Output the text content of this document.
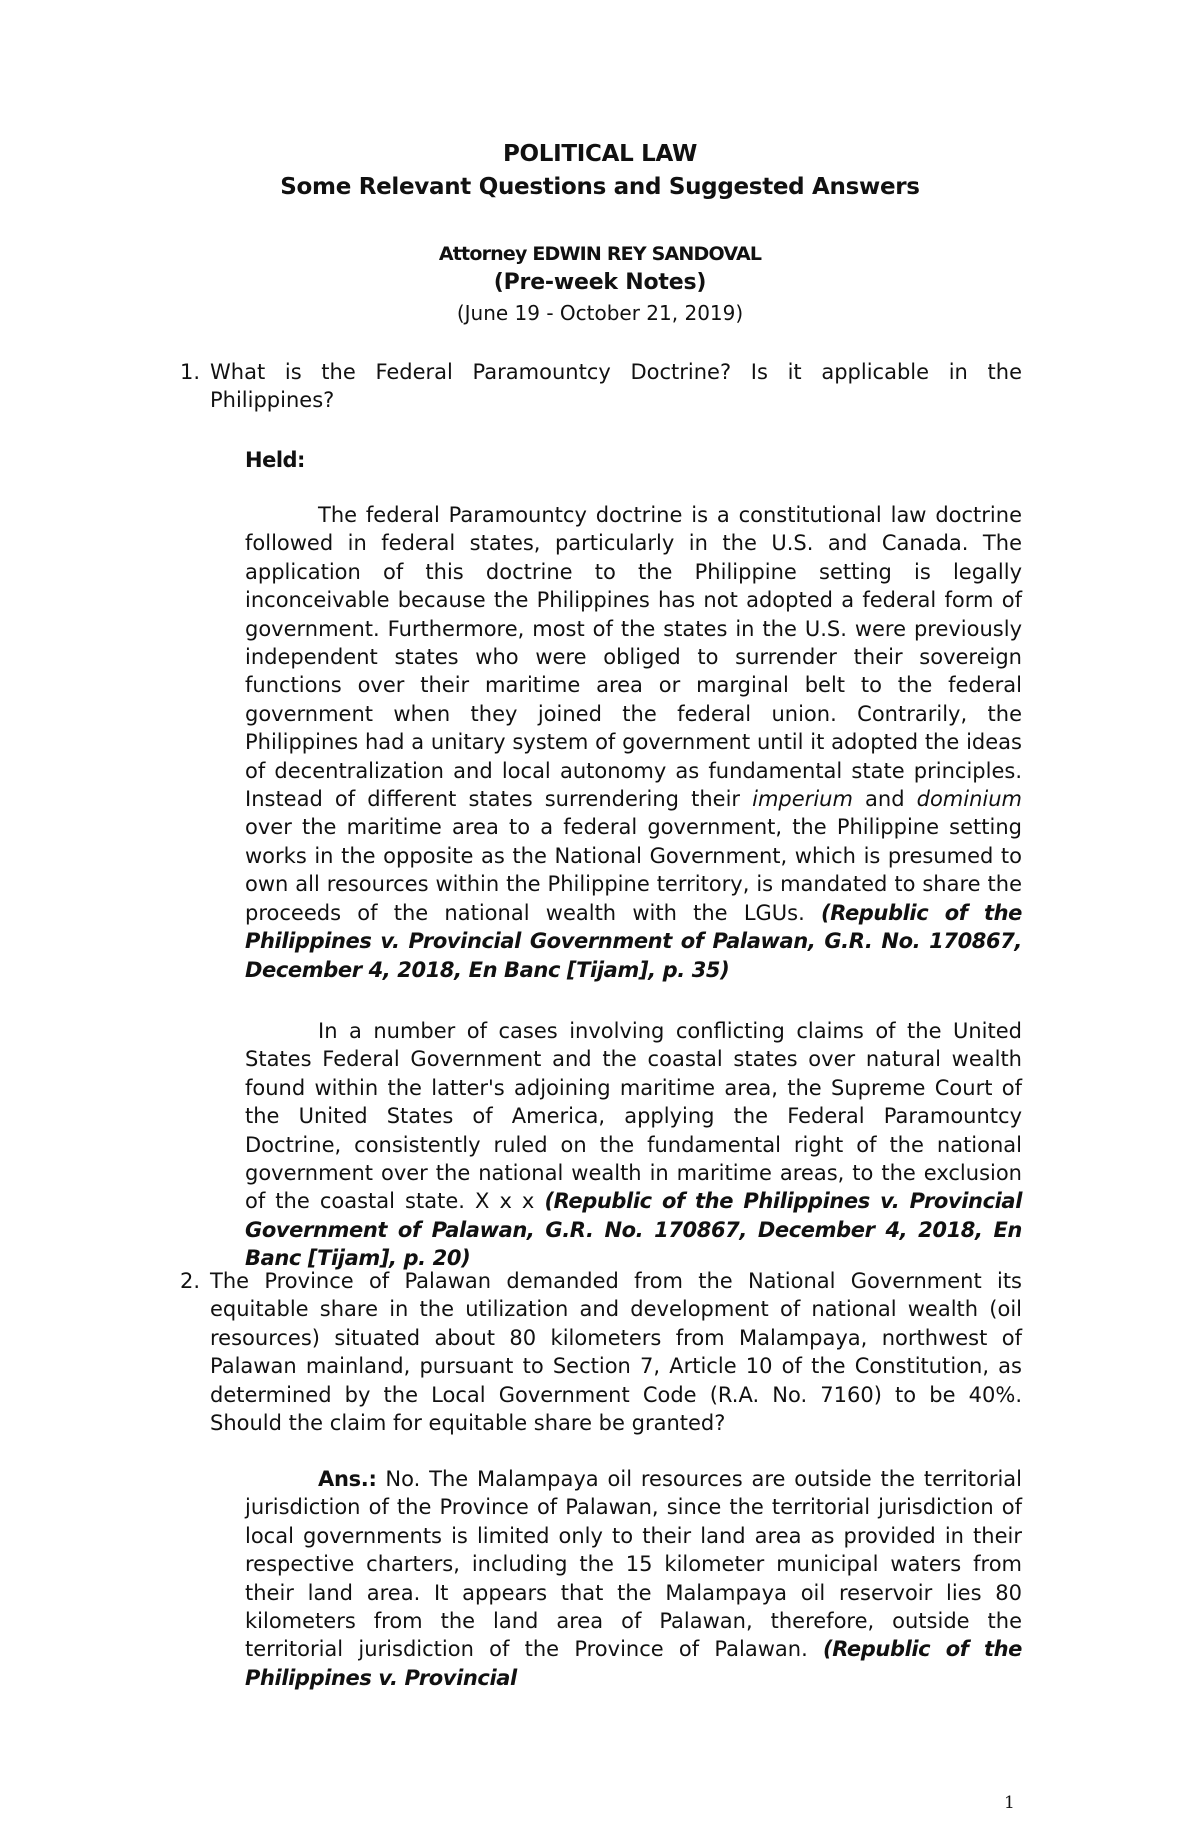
POLITICAL LAW
Some Relevant Questions and Suggested Answers
Attorney EDWIN REY SANDOVAL
(Pre-week Notes)
(June 19 - October 21, 2019)
1. What is the Federal Paramountcy Doctrine? Is it applicable in the Philippines?

Held:

The federal Paramountcy doctrine is a constitutional law doctrine followed in federal states, particularly in the U.S. and Canada. The application of this doctrine to the Philippine setting is legally inconceivable because the Philippines has not adopted a federal form of government. Furthermore, most of the states in the U.S. were previously independent states who were obliged to surrender their sovereign functions over their maritime area or marginal belt to the federal government when they joined the federal union. Contrarily, the Philippines had a unitary system of government until it adopted the ideas of decentralization and local autonomy as fundamental state principles. Instead of different states surrendering their imperium and dominium over the maritime area to a federal government, the Philippine setting works in the opposite as the National Government, which is presumed to own all resources within the Philippine territory, is mandated to share the proceeds of the national wealth with the LGUs. (Republic of the Philippines v. Provincial Government of Palawan, G.R. No. 170867, December 4, 2018, En Banc [Tijam], p. 35)

In a number of cases involving conflicting claims of the United States Federal Government and the coastal states over natural wealth found within the latter's adjoining maritime area, the Supreme Court of the United States of America, applying the Federal Paramountcy Doctrine, consistently ruled on the fundamental right of the national government over the national wealth in maritime areas, to the exclusion of the coastal state. X x x (Republic of the Philippines v. Provincial Government of Palawan, G.R. No. 170867, December 4, 2018, En Banc [Tijam], p. 20)

2. The Province of Palawan demanded from the National Government its equitable share in the utilization and development of national wealth (oil resources) situated about 80 kilometers from Malampaya, northwest of Palawan mainland, pursuant to Section 7, Article 10 of the Constitution, as determined by the Local Government Code (R.A. No. 7160) to be 40%. Should the claim for equitable share be granted?

Ans.: No. The Malampaya oil resources are outside the territorial jurisdiction of the Province of Palawan, since the territorial jurisdiction of local governments is limited only to their land area as provided in their respective charters, including the 15 kilometer municipal waters from their land area. It appears that the Malampaya oil reservoir lies 80 kilometers from the land area of Palawan, therefore, outside the territorial jurisdiction of the Province of Palawan. (Republic of the Philippines v. Provincial

1
